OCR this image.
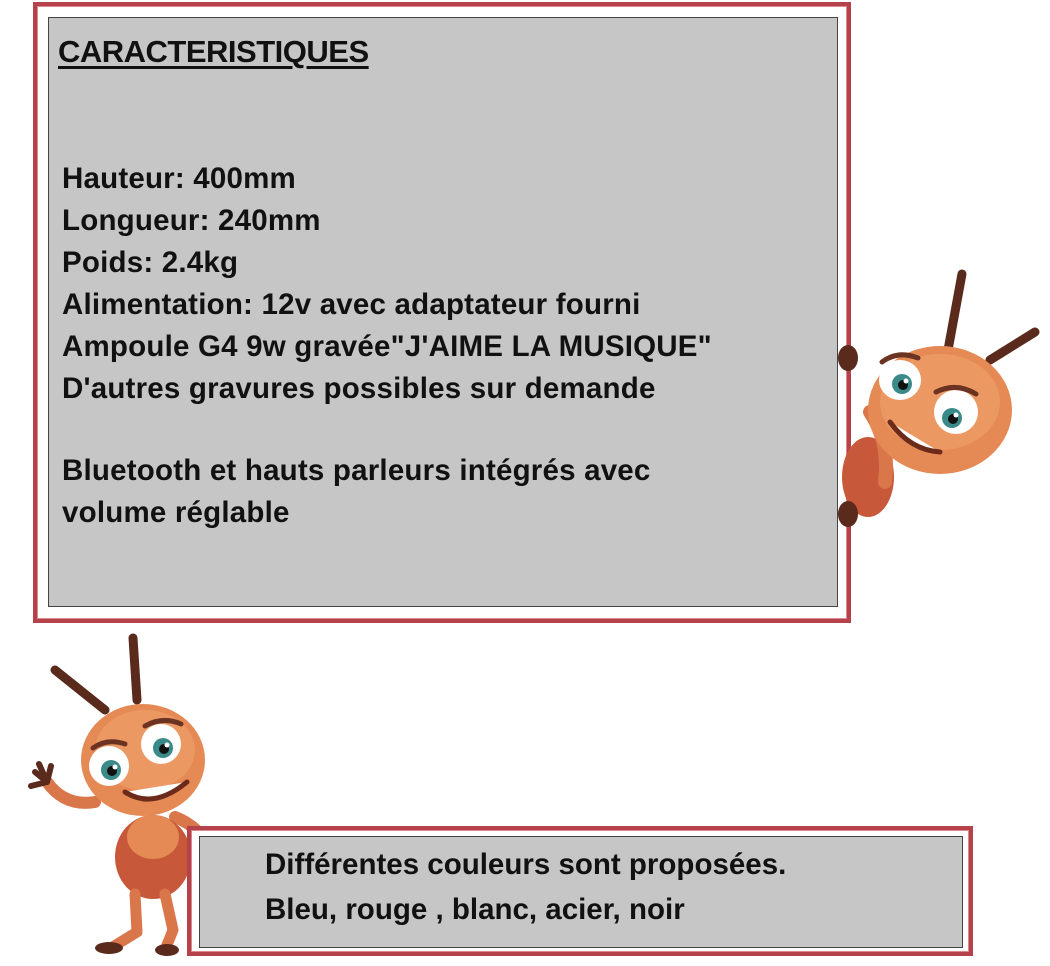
CARACTERISTIQUES
Hauteur: 400mm
Longueur: 240mm
Poids: 2.4kg
Alimentation: 12v avec adaptateur fourni
Ampoule G4 9w gravée"J'AIME LA MUSIQUE"
D'autres gravures possibles sur demande
Bluetooth et hauts parleurs intégrés avec
volume réglable
Différentes couleurs sont proposées.
Bleu, rouge , blanc, acier, noir
